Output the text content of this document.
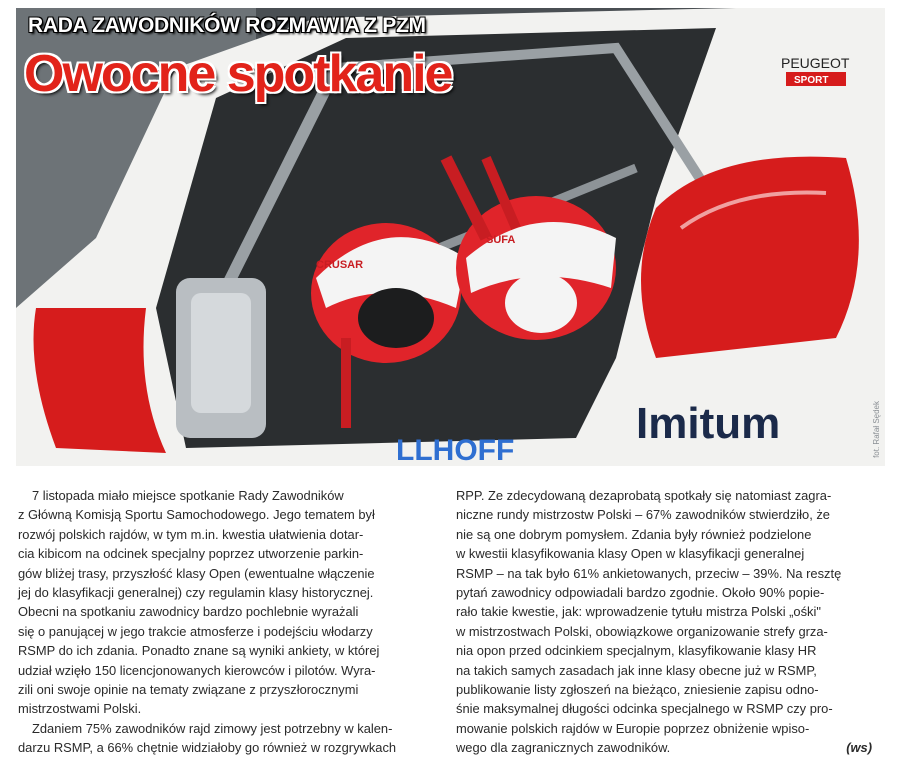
Imitum
PEUGEOT
SPORT
LLHOFF
CRUSAR
SUFA
RADA ZAWODNIKÓW ROZMAWIA Z PZM
Owocne spotkanie
fot. Rafał Sędek
7 listopada miało miejsce spotkanie Rady Zawodników
z Główną Komisją Sportu Samochodowego. Jego tematem był
rozwój polskich rajdów, w tym m.in. kwestia ułatwienia dotar-
cia kibicom na odcinek specjalny poprzez utworzenie parkin-
gów bliżej trasy, przyszłość klasy Open (ewentualne włączenie
jej do klasyfikacji generalnej) czy regulamin klasy historycznej.
Obecni na spotkaniu zawodnicy bardzo pochlebnie wyrażali
się o panującej w jego trakcie atmosferze i podejściu włodarzy
RSMP do ich zdania. Ponadto znane są wyniki ankiety, w której
udział wzięło 150 licencjonowanych kierowców i pilotów. Wyra-
zili oni swoje opinie na tematy związane z przyszłorocznymi
mistrzostwami Polski.
Zdaniem 75% zawodników rajd zimowy jest potrzebny w kalen-
darzu RSMP, a 66% chętnie widziałoby go również w rozgrywkach
RPP. Ze zdecydowaną dezaprobatą spotkały się natomiast zagra-
niczne rundy mistrzostw Polski – 67% zawodników stwierdziło, że
nie są one dobrym pomysłem. Zdania były również podzielone
w kwestii klasyfikowania klasy Open w klasyfikacji generalnej
RSMP – na tak było 61% ankietowanych, przeciw – 39%. Na resztę
pytań zawodnicy odpowiadali bardzo zgodnie. Około 90% popie-
rało takie kwestie, jak: wprowadzenie tytułu mistrza Polski „ośki"
w mistrzostwach Polski, obowiązkowe organizowanie strefy grza-
nia opon przed odcinkiem specjalnym, klasyfikowanie klasy HR
na takich samych zasadach jak inne klasy obecne już w RSMP,
publikowanie listy zgłoszeń na bieżąco, zniesienie zapisu odno-
śnie maksymalnej długości odcinka specjalnego w RSMP czy pro-
mowanie polskich rajdów w Europie poprzez obniżenie wpiso-
wego dla zagranicznych zawodników.	(ws)
